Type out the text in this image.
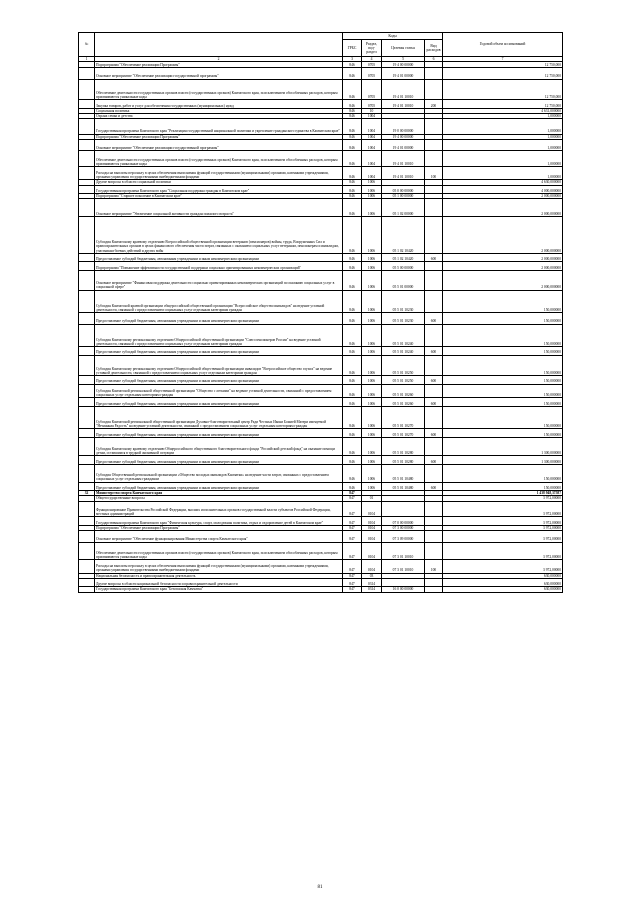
№		Коды				Годовой объем ассигнований
		ГРБС	Раздел, под-раздел	Целевая статья	Вид расходов	
1	2	3	4	5	6	7
	Подпрограмма "Обеспечение реализации Программы"	846	0705	19 4 00 00000		12 750,000
	Основное мероприятие "Обеспечение реализации государственной программы"	846	0705	19 4 01 00000		12 750,000
	Обеспечение деятельности государственных органов власти (государственных органов) Камчатского края, за исключением обособленных расходов, которым присваиваются уникальные коды	846	0705	19 4 01 10010		12 750,000
	Закупка товаров, работ и услуг для обеспечения государственных (муниципальных) нужд	846	0705	19 4 01 10010	200	12 750,000
	Социальная политика	846	10			4 631,000000
	Охрана семьи и детства	846	1004			1,000000
	Государственная программа Камчатского края "Реализация государственной национальной политики и укрепление гражданского единства в Камчатском крае"	846	1004	19 0 00 00000		1,000000
	Подпрограмма "Обеспечение реализации Программы"	846	1004	19 4 00 00000		1,000000
	Основное мероприятие "Обеспечение реализации государственной программы"	846	1004	19 4 01 00000		1,000000
	Обеспечение деятельности государственных органов власти (государственных органов) Камчатского края, за исключением обособленных расходов, которым присваиваются уникальные коды	846	1004	19 4 01 10010		1,000000
	Расходы на выплаты персоналу в целях обеспечения выполнения функций государственными (муниципальными) органами, казенными учреждениями, органами управления государственными внебюджетными фондами	846	1004	19 4 01 10010	100	1,000000
	Другие вопросы в области социальной политики	846	1006			4 630,000000
	Государственная программа Камчатского края "Социальная поддержка граждан в Камчатском крае"	846	1006	05 0 00 00000		4 000,000000
	Подпрограмма "Старшее поколение в Камчатском крае"	846	1006	05 1 00 00000		2 000,000000
	Основное мероприятие "Увеличение социальной активности граждан пожилого возраста"	846	1006	05 1 02 00000		2 000,000000
	Субсидия Камчатскому краевому отделению Всероссийской общественной организации ветеранов (пенсионеров) войны, труда, Вооруженных Сил и правоохранительных органов в целях финансового обеспечения части затрат, связанных с оказанием социальных услуг ветеранам, пенсионерам и инвалидам, участникам боевых действий и других войн	846	1006	05 1 02 10420		2 000,000000
	Предоставление субсидий бюджетным, автономным учреждениям и иным некоммерческим организациям	846	1006	05 1 02 10420	600	2 000,000000
	Подпрограмма "Повышение эффективности государственной поддержки социально ориентированных некоммерческих организаций"	846	1006	05 5 00 00000		2 000,000000
	Основное мероприятие "Финансовая поддержка деятельности социально ориентированных некоммерческих организаций по оказанию социальных услуг в социальной сфере"	846	1006	05 5 01 00000		2 000,000000
	Субсидия Камчатской краевой организации общероссийской общественной организации "Всероссийское общество инвалидов" на ведение уставной деятельности, связанной с предоставлением социальных услуг отдельным категориям граждан	846	1006	05 5 01 10230		150,000000
	Предоставление субсидий бюджетным, автономным учреждениям и иным некоммерческим организациям	846	1006	05 5 01 10230	600	150,000000
	Субсидия Камчатскому региональному отделению Общероссийской общественной организации "Союз пенсионеров России" на ведение уставной деятельности, связанной с предоставлением социальных услуг отдельным категориям граждан	846	1006	05 5 01 10240		150,000000
	Предоставление субсидий бюджетным, автономным учреждениям и иным некоммерческим организациям	846	1006	05 5 01 10240	600	150,000000
	Субсидия Камчатскому региональному отделению Общероссийской общественной организации инвалидов "Всероссийское общество глухих" на ведение уставной деятельности, связанной с предоставлением социальных услуг отдельным категориям граждан	846	1006	05 5 01 10250		150,000000
	Предоставление субсидий бюджетным, автономным учреждениям и иным некоммерческим организациям	846	1006	05 5 01 10250	600	150,000000
	Субсидия Камчатской региональной общественной организации "Общество с легкими" на ведение уставной деятельности, связанной с предоставлением социальных услуг отдельным категориям граждан	846	1006	05 5 01 10260		150,000000
	Предоставление субсидий бюджетным, автономным учреждениям и иным некоммерческим организациям	846	1006	05 5 01 10260	600	150,000000
	Субсидия Камчатской региональной общественной организации Духовно-благотворительный центр Ради Честных Икони Божией Матери именуемой "Нечаянная Радость" на ведение уставной деятельности, связанной с предоставлением социальных услуг отдельным категориям граждан	846	1006	05 5 01 10270		150,000000
	Предоставление субсидий бюджетным, автономным учреждениям и иным некоммерческим организациям	846	1006	05 5 01 10270	600	150,000000
	Субсидия Камчатскому краевому отделению Общероссийского общественного благотворительного фонда "Российский детский фонд" на оказание помощи детям, оставшимся в трудной жизненной ситуации	846	1006	05 5 01 10280		1 300,000000
	Предоставление субсидий бюджетным, автономным учреждениям и иным некоммерческим организациям	846	1006	05 5 01 10280	600	1 300,000000
	Субсидия Общественной региональной организации «Общество молодых инвалидов Камчатки» на ведение части затрат, связанных с предоставлением социальных услуг отдельным гражданам	846	1006	05 5 01 10480		150,000000
	Предоставление субсидий бюджетным, автономным учреждениям и иным некоммерческим организациям	846	1006	05 5 01 10480	600	150,000000
32	Министерство спорта Камчатского края	847				1 438 948,37587
	Общегосударственные вопросы	847	01			3 972,00000
	Функционирование Правительства Российской Федерации, высших исполнительных органов государственной власти субъектов Российской Федерации, местных администраций	847	0104			3 972,00000
	Государственная программа Камчатского края "Физическая культура, спорт, молодежная политика, отдых и оздоровление детей в Камчатском крае"	847	0104	07 0 00 00000		3 972,00000
	Подпрограмма "Обеспечение реализации Программы"	847	0104	07 3 00 00000		3 972,00000
	Основное мероприятие "Обеспечение функционирования Министерства спорта Камчатского края"	847	0104	07 3 09 00000		3 972,00000
	Обеспечение деятельности государственных органов власти (государственных органов) Камчатского края, за исключением обособленных расходов, которым присваиваются уникальные коды	847	0104	07 3 01 10010		3 972,00000
	Расходы на выплаты персоналу в целях обеспечения выполнения функций государственными (муниципальными) органами, казенными учреждениями, органами управления государственными внебюджетными фондами	847	0104	07 3 01 10010	100	3 972,00000
	Национальная безопасность и правоохранительная деятельность	847	03			630,000000
	Другие вопросы в области национальной безопасности и правоохранительной деятельности	847	0314			630,000000
	Государственная программа Камчатского края "Безопасная Камчатка"	847	0314	16 0 00 00000		630,000000
81
